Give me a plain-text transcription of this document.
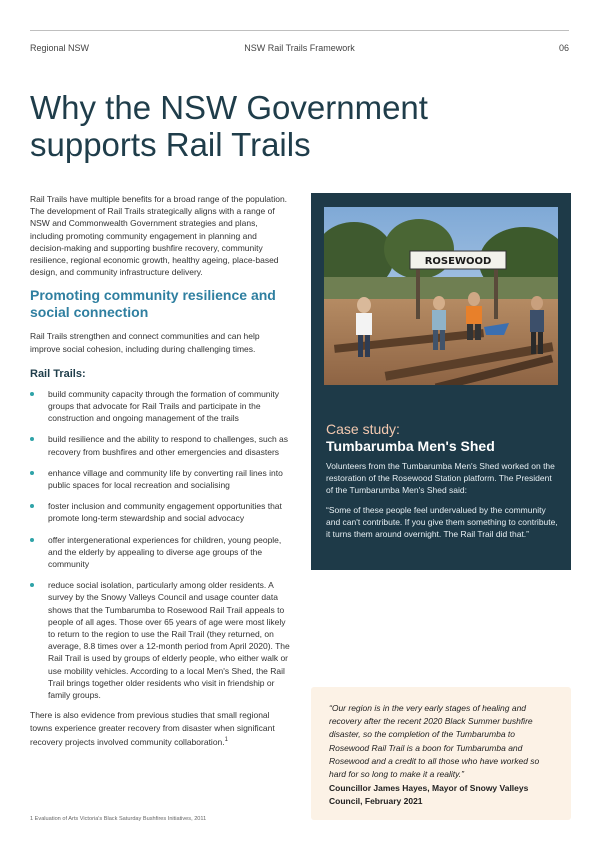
Regional NSW	NSW Rail Trails Framework	06
Why the NSW Government
supports Rail Trails

Rail Trails have multiple benefits for a broad range of the population. The development of Rail Trails strategically aligns with a range of NSW and Commonwealth Government strategies and plans, including promoting community engagement in planning and decision-making and supporting bushfire recovery, community resilience, regional economic growth, healthy ageing, place-based design, and community infrastructure delivery.

Promoting community resilience and
social connection

Rail Trails strengthen and connect communities and can help improve social cohesion, including during challenging times.

Rail Trails:
build community capacity through the formation of community groups that advocate for Rail Trails and participate in the construction and ongoing management of the trails
build resilience and the ability to respond to challenges, such as recovery from bushfires and other emergencies and disasters
enhance village and community life by converting rail lines into public spaces for local recreation and socialising
foster inclusion and community engagement opportunities that promote long-term stewardship and social advocacy
offer intergenerational experiences for children, young people, and the elderly by appealing to diverse age groups of the community
reduce social isolation, particularly among older residents. A survey by the Snowy Valleys Council and usage counter data shows that the Tumbarumba to Rosewood Rail Trail appeals to people of all ages. Those over 65 years of age were most likely to return to the region to use the Rail Trail (they returned, on average, 8.8 times over a 12-month period from April 2020). The Rail Trail is used by groups of elderly people, who either walk or use mobility vehicles. According to a local Men's Shed, the Rail Trail brings together older residents who visit in friendship or family groups.

There is also evidence from previous studies that small regional towns experience greater recovery from disaster when significant recovery projects involved community collaboration.$^1$

1 Evaluation of Arts Victoria's Black Saturday Bushfires Initiatives, 2011
ROSEWOOD
Case study:
Tumbarumba Men's Shed

Volunteers from the Tumbarumba Men's Shed worked on the restoration of the Rosewood Station platform. The President of the Tumbarumba Men's Shed said:

“Some of these people feel undervalued by the community and can't contribute. If you give them something to contribute, it turns them around overnight. The Rail Trail did that.”

“Our region is in the very early stages of healing and recovery after the recent 2020 Black Summer bushfire disaster, so the completion of the Tumbarumba to Rosewood Rail Trail is a boon for Tumbarumba and Rosewood and a credit to all those who have worked so hard for so long to make it a reality.”

Councillor James Hayes, Mayor of Snowy Valleys Council, February 2021
